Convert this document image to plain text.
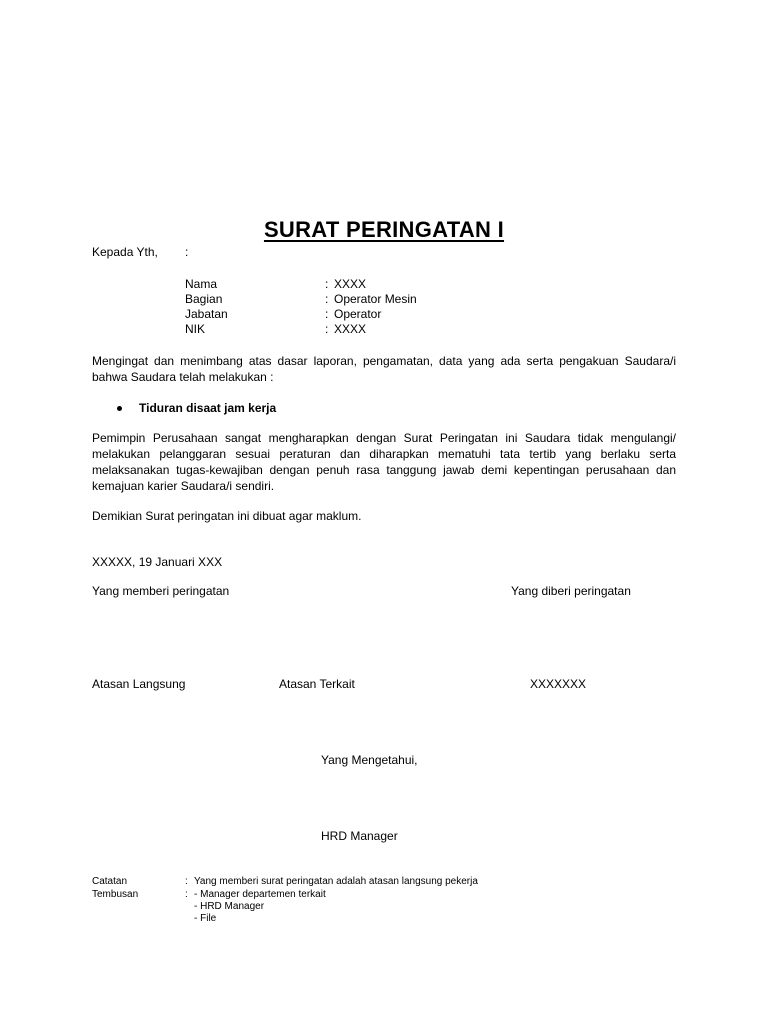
SURAT PERINGATAN I
Kepada Yth, :
Nama	: XXXX
Bagian	: Operator Mesin
Jabatan	: Operator
NIK	: XXXX
Mengingat dan menimbang atas dasar laporan, pengamatan, data yang ada serta pengakuan Saudara/i bahwa Saudara telah melakukan :
Tiduran disaat jam kerja
Pemimpin Perusahaan sangat mengharapkan dengan Surat Peringatan ini Saudara tidak mengulangi/ melakukan pelanggaran sesuai peraturan dan diharapkan mematuhi tata tertib yang berlaku serta melaksanakan tugas-kewajiban dengan penuh rasa tanggung jawab demi kepentingan perusahaan dan kemajuan karier Saudara/i sendiri.
Demikian Surat peringatan ini dibuat agar maklum.
XXXXX, 19 Januari XXX
Yang memberi peringatan	Yang diberi peringatan
Atasan Langsung	Atasan Terkait	XXXXXXX
Yang Mengetahui,
HRD Manager
Catatan	: Yang memberi surat peringatan adalah atasan langsung pekerja
Tembusan	: - Manager departemen terkait
- HRD Manager
- File
